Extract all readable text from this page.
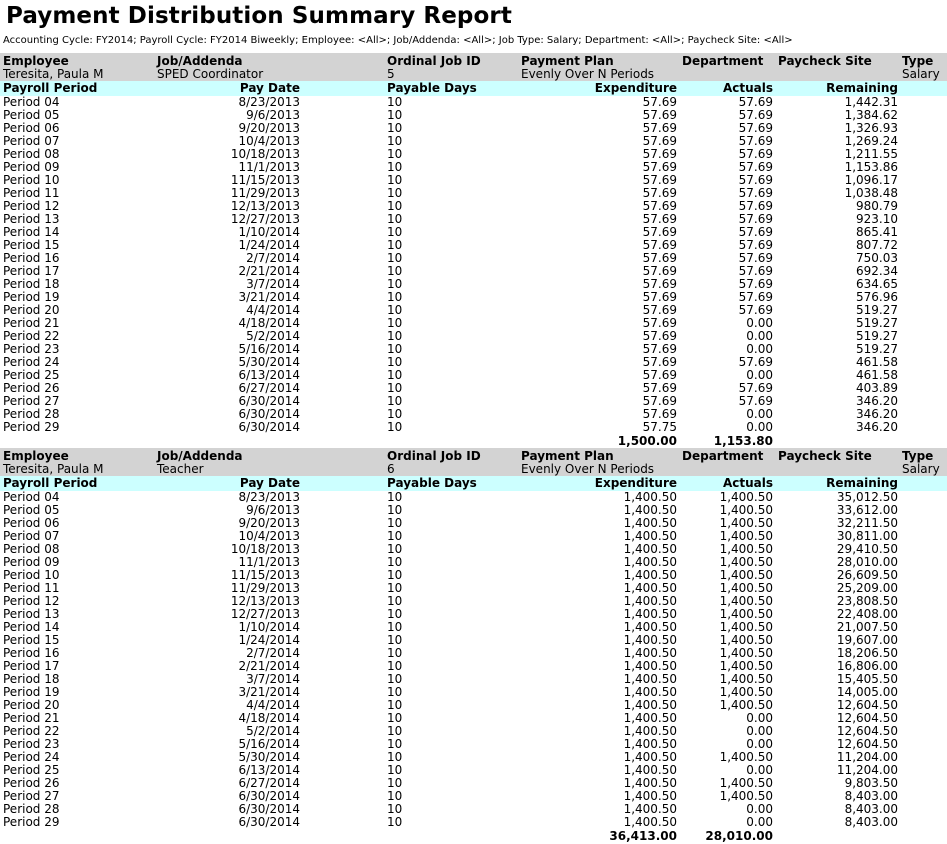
Payment Distribution Summary Report
Accounting Cycle: FY2014; Payroll Cycle: FY2014 Biweekly; Employee: <All>; Job/Addenda: <All>; Job Type: Salary; Department: <All>; Paycheck Site: <All>
Employee
Teresita, Paula M
Job/Addenda
SPED Coordinator
Ordinal Job ID
5
Payment Plan
Evenly Over N Periods
Department Paycheck Site	Type
Salary
Payroll Period	Pay Date	Payable Days	Expenditure	Actuals	Remaining
Period 04	8/23/2013	10	57.69	57.69	1,442.31
Period 05	9/6/2013	10	57.69	57.69	1,384.62
Period 06	9/20/2013	10	57.69	57.69	1,326.93
Period 07	10/4/2013	10	57.69	57.69	1,269.24
Period 08	10/18/2013	10	57.69	57.69	1,211.55
Period 09	11/1/2013	10	57.69	57.69	1,153.86
Period 10	11/15/2013	10	57.69	57.69	1,096.17
Period 11	11/29/2013	10	57.69	57.69	1,038.48
Period 12	12/13/2013	10	57.69	57.69	980.79
Period 13	12/27/2013	10	57.69	57.69	923.10
Period 14	1/10/2014	10	57.69	57.69	865.41
Period 15	1/24/2014	10	57.69	57.69	807.72
Period 16	2/7/2014	10	57.69	57.69	750.03
Period 17	2/21/2014	10	57.69	57.69	692.34
Period 18	3/7/2014	10	57.69	57.69	634.65
Period 19	3/21/2014	10	57.69	57.69	576.96
Period 20	4/4/2014	10	57.69	57.69	519.27
Period 21	4/18/2014	10	57.69	0.00	519.27
Period 22	5/2/2014	10	57.69	0.00	519.27
Period 23	5/16/2014	10	57.69	0.00	519.27
Period 24	5/30/2014	10	57.69	57.69	461.58
Period 25	6/13/2014	10	57.69	0.00	461.58
Period 26	6/27/2014	10	57.69	57.69	403.89
Period 27	6/30/2014	10	57.69	57.69	346.20
Period 28	6/30/2014	10	57.69	0.00	346.20
Period 29	6/30/2014	10	57.75	0.00	346.20
1,500.00	1,153.80
Employee
Teresita, Paula M
Job/Addenda
Teacher
Ordinal Job ID
6
Payment Plan
Evenly Over N Periods
Department Paycheck Site	Type
Salary
Payroll Period	Pay Date	Payable Days	Expenditure	Actuals	Remaining
Period 04	8/23/2013	10	1,400.50	1,400.50	35,012.50
Period 05	9/6/2013	10	1,400.50	1,400.50	33,612.00
Period 06	9/20/2013	10	1,400.50	1,400.50	32,211.50
Period 07	10/4/2013	10	1,400.50	1,400.50	30,811.00
Period 08	10/18/2013	10	1,400.50	1,400.50	29,410.50
Period 09	11/1/2013	10	1,400.50	1,400.50	28,010.00
Period 10	11/15/2013	10	1,400.50	1,400.50	26,609.50
Period 11	11/29/2013	10	1,400.50	1,400.50	25,209.00
Period 12	12/13/2013	10	1,400.50	1,400.50	23,808.50
Period 13	12/27/2013	10	1,400.50	1,400.50	22,408.00
Period 14	1/10/2014	10	1,400.50	1,400.50	21,007.50
Period 15	1/24/2014	10	1,400.50	1,400.50	19,607.00
Period 16	2/7/2014	10	1,400.50	1,400.50	18,206.50
Period 17	2/21/2014	10	1,400.50	1,400.50	16,806.00
Period 18	3/7/2014	10	1,400.50	1,400.50	15,405.50
Period 19	3/21/2014	10	1,400.50	1,400.50	14,005.00
Period 20	4/4/2014	10	1,400.50	1,400.50	12,604.50
Period 21	4/18/2014	10	1,400.50	0.00	12,604.50
Period 22	5/2/2014	10	1,400.50	0.00	12,604.50
Period 23	5/16/2014	10	1,400.50	0.00	12,604.50
Period 24	5/30/2014	10	1,400.50	1,400.50	11,204.00
Period 25	6/13/2014	10	1,400.50	0.00	11,204.00
Period 26	6/27/2014	10	1,400.50	1,400.50	9,803.50
Period 27	6/30/2014	10	1,400.50	1,400.50	8,403.00
Period 28	6/30/2014	10	1,400.50	0.00	8,403.00
Period 29	6/30/2014	10	1,400.50	0.00	8,403.00
36,413.00	28,010.00
